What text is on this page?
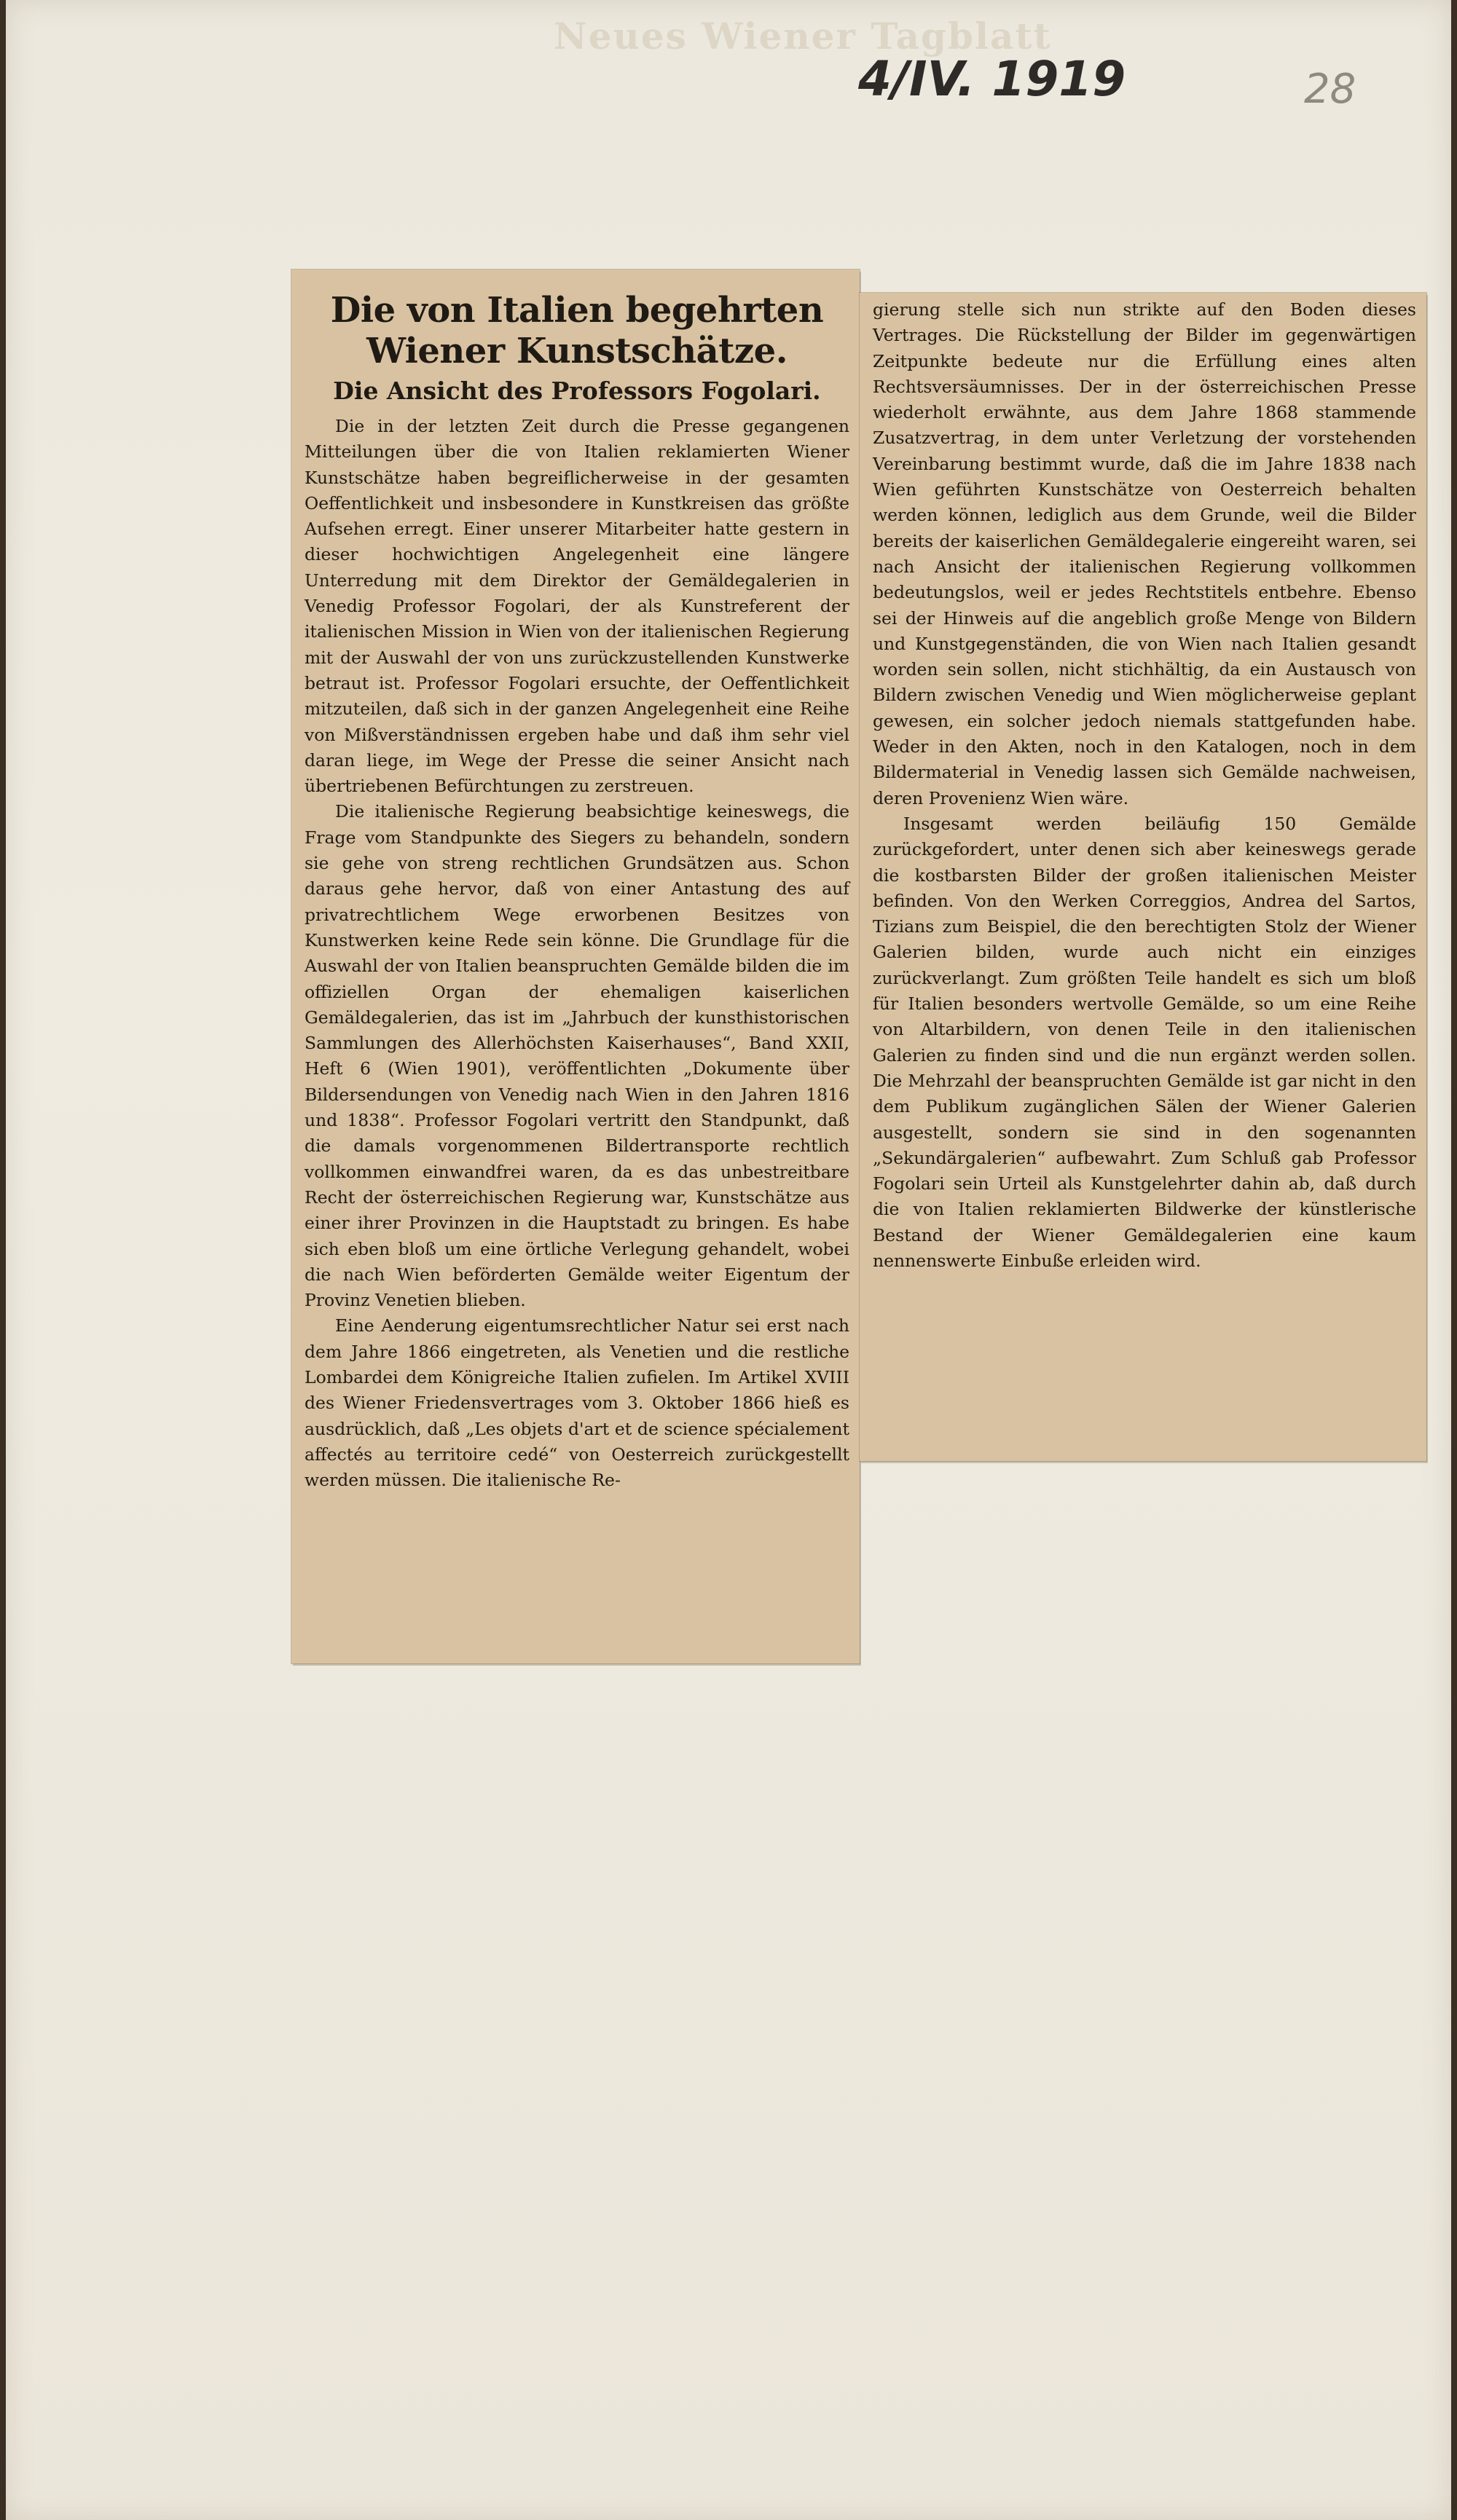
Neues Wiener Tagblatt
4/IV. 1919	28
Die von Italien begehrten Wiener Kunstschätze.
Die Ansicht des Professors Fogolari.

Die in der letzten Zeit durch die Presse gegangenen Mitteilungen über die von Italien reklamierten Wiener Kunstschätze haben begreiflicherweise in der gesamten Oeffentlichkeit und insbesondere in Kunstkreisen das größte Aufsehen erregt. Einer unserer Mitarbeiter hatte gestern in dieser hochwichtigen Angelegenheit eine längere Unterredung mit dem Direktor der Gemäldegalerien in Venedig Professor Fogolari, der als Kunstreferent der italienischen Mission in Wien von der italienischen Regierung mit der Auswahl der von uns zurückzustellenden Kunstwerke betraut ist. Professor Fogolari ersuchte, der Oeffentlichkeit mitzuteilen, daß sich in der ganzen Angelegenheit eine Reihe von Mißverständnissen ergeben habe und daß ihm sehr viel daran liege, im Wege der Presse die seiner Ansicht nach übertriebenen Befürchtungen zu zerstreuen.

Die italienische Regierung beabsichtige keineswegs, die Frage vom Standpunkte des Siegers zu behandeln, sondern sie gehe von streng rechtlichen Grundsätzen aus. Schon daraus gehe hervor, daß von einer Antastung des auf privatrechtlichem Wege erworbenen Besitzes von Kunstwerken keine Rede sein könne. Die Grundlage für die Auswahl der von Italien beanspruchten Gemälde bilden die im offiziellen Organ der ehemaligen kaiserlichen Gemäldegalerien, das ist im „Jahrbuch der kunsthistorischen Sammlungen des Allerhöchsten Kaiserhauses“, Band XXII, Heft 6 (Wien 1901), veröffentlichten „Dokumente über Bildersendungen von Venedig nach Wien in den Jahren 1816 und 1838“. Professor Fogolari vertritt den Standpunkt, daß die damals vorgenommenen Bildertransporte rechtlich vollkommen einwandfrei waren, da es das unbestreitbare Recht der österreichischen Regierung war, Kunstschätze aus einer ihrer Provinzen in die Hauptstadt zu bringen. Es habe sich eben bloß um eine örtliche Verlegung gehandelt, wobei die nach Wien beförderten Gemälde weiter Eigentum der Provinz Venetien blieben.

Eine Aenderung eigentumsrechtlicher Natur sei erst nach dem Jahre 1866 eingetreten, als Venetien und die restliche Lombardei dem Königreiche Italien zufielen. Im Artikel XVIII des Wiener Friedensvertrages vom 3. Oktober 1866 hieß es ausdrücklich, daß „Les objets d'art et de science spécialement affectés au territoire cedé“ von Oesterreich zurückgestellt werden müssen. Die italienische Re-

gierung stelle sich nun strikte auf den Boden dieses Vertrages. Die Rückstellung der Bilder im gegenwärtigen Zeitpunkte bedeute nur die Erfüllung eines alten Rechtsversäumnisses. Der in der österreichischen Presse wiederholt erwähnte, aus dem Jahre 1868 stammende Zusatzvertrag, in dem unter Verletzung der vorstehenden Vereinbarung bestimmt wurde, daß die im Jahre 1838 nach Wien geführten Kunstschätze von Oesterreich behalten werden können, lediglich aus dem Grunde, weil die Bilder bereits der kaiserlichen Gemäldegalerie eingereiht waren, sei nach Ansicht der italienischen Regierung vollkommen bedeutungslos, weil er jedes Rechtstitels entbehre. Ebenso sei der Hinweis auf die angeblich große Menge von Bildern und Kunstgegenständen, die von Wien nach Italien gesandt worden sein sollen, nicht stichhältig, da ein Austausch von Bildern zwischen Venedig und Wien möglicherweise geplant gewesen, ein solcher jedoch niemals stattgefunden habe. Weder in den Akten, noch in den Katalogen, noch in dem Bildermaterial in Venedig lassen sich Gemälde nachweisen, deren Provenienz Wien wäre.

Insgesamt werden beiläufig 150 Gemälde zurückgefordert, unter denen sich aber keineswegs gerade die kostbarsten Bilder der großen italienischen Meister befinden. Von den Werken Correggios, Andrea del Sartos, Tizians zum Beispiel, die den berechtigten Stolz der Wiener Galerien bilden, wurde auch nicht ein einziges zurückverlangt. Zum größten Teile handelt es sich um bloß für Italien besonders wertvolle Gemälde, so um eine Reihe von Altarbildern, von denen Teile in den italienischen Galerien zu finden sind und die nun ergänzt werden sollen. Die Mehrzahl der beanspruchten Gemälde ist gar nicht in den dem Publikum zugänglichen Sälen der Wiener Galerien ausgestellt, sondern sie sind in den sogenannten „Sekundärgalerien“ aufbewahrt. Zum Schluß gab Professor Fogolari sein Urteil als Kunstgelehrter dahin ab, daß durch die von Italien reklamierten Bildwerke der künstlerische Bestand der Wiener Gemäldegalerien eine kaum nennenswerte Einbuße erleiden wird.
